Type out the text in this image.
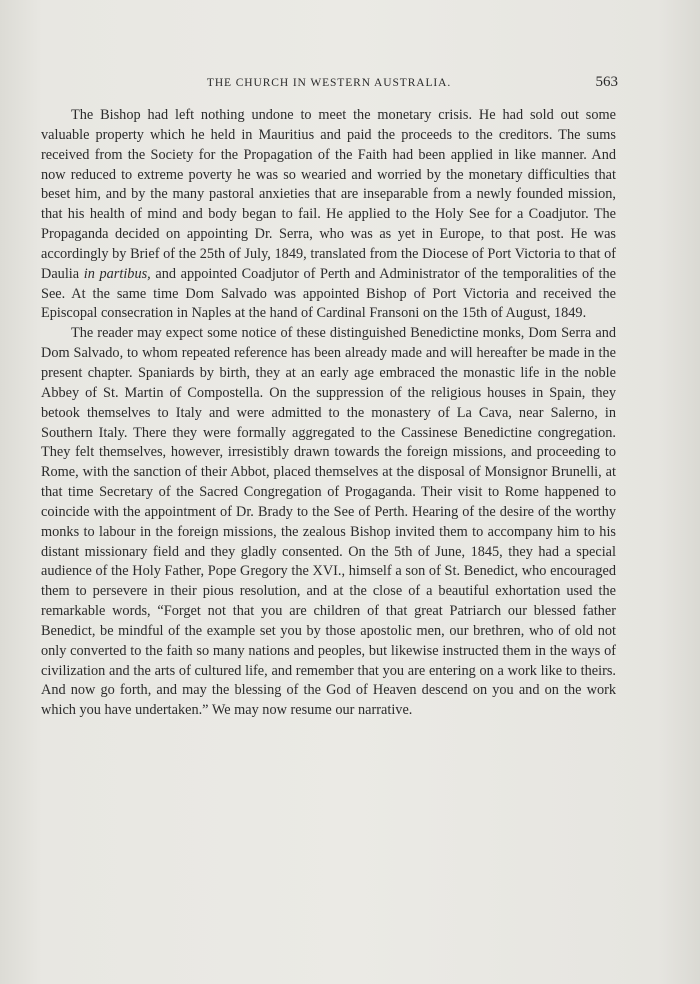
THE CHURCH IN WESTERN AUSTRALIA.	563

The Bishop had left nothing undone to meet the monetary crisis. He had sold out some valuable property which he held in Mauritius and paid the proceeds to the creditors. The sums received from the Society for the Propagation of the Faith had been applied in like manner. And now reduced to extreme poverty he was so wearied and worried by the monetary difficulties that beset him, and by the many pastoral anxieties that are inseparable from a newly founded mission, that his health of mind and body began to fail. He applied to the Holy See for a Coadjutor. The Propaganda decided on appointing Dr. Serra, who was as yet in Europe, to that post. He was accordingly by Brief of the 25th of July, 1849, translated from the Diocese of Port Victoria to that of Daulia in partibus, and appointed Coadjutor of Perth and Administrator of the temporalities of the See. At the same time Dom Salvado was appointed Bishop of Port Victoria and received the Episcopal consecration in Naples at the hand of Cardinal Fransoni on the 15th of August, 1849.

The reader may expect some notice of these distinguished Benedictine monks, Dom Serra and Dom Salvado, to whom repeated reference has been already made and will hereafter be made in the present chapter. Spaniards by birth, they at an early age embraced the monastic life in the noble Abbey of St. Martin of Compostella. On the suppression of the religious houses in Spain, they betook themselves to Italy and were admitted to the monastery of La Cava, near Salerno, in Southern Italy. There they were formally aggregated to the Cassinese Benedictine congregation. They felt themselves, however, irresistibly drawn towards the foreign missions, and proceeding to Rome, with the sanction of their Abbot, placed themselves at the disposal of Monsignor Brunelli, at that time Secretary of the Sacred Congregation of Progaganda. Their visit to Rome happened to coincide with the appointment of Dr. Brady to the See of Perth. Hearing of the desire of the worthy monks to labour in the foreign missions, the zealous Bishop invited them to accompany him to his distant missionary field and they gladly consented. On the 5th of June, 1845, they had a special audience of the Holy Father, Pope Gregory the XVI., himself a son of St. Benedict, who encouraged them to persevere in their pious resolution, and at the close of a beautiful exhortation used the remarkable words, “Forget not that you are children of that great Patriarch our blessed father Benedict, be mindful of the example set you by those apostolic men, our brethren, who of old not only converted to the faith so many nations and peoples, but likewise instructed them in the ways of civilization and the arts of cultured life, and remember that you are entering on a work like to theirs. And now go forth, and may the blessing of the God of Heaven descend on you and on the work which you have undertaken.” We may now resume our narrative.
